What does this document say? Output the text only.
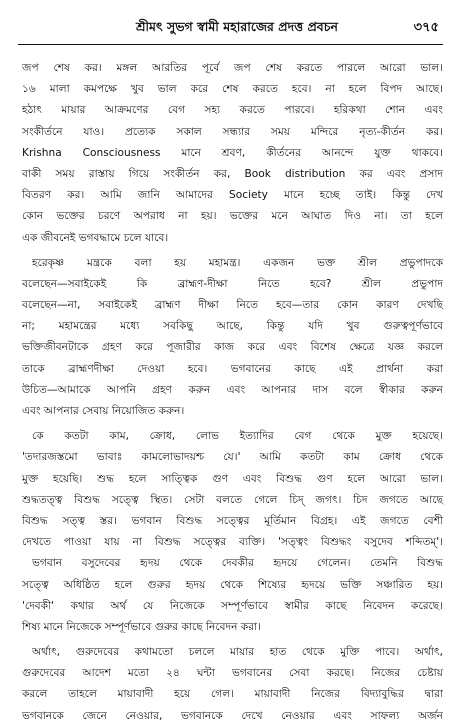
শ্রীমৎ সুভগ স্বামী মহারাজের প্রদত্ত প্রবচন	৩৭৫
জপ শেষ কর। মঙ্গল আরতির পূর্বে জপ শেষ করতে পারলে আরো ভাল।
১৬ মালা কমপক্ষে খুব ভাল করে শেষ করতে হবে। না হলে বিপদ আছে।
হঠাৎ মায়ার আক্রমণের বেগ সহ্য করতে পারবে। হরিকথা শোন এবং
সংকীর্তনে যাও। প্রত্যেক সকাল সন্ধ্যার সময় মন্দিরে নৃত্য-কীর্তন কর।
Krishna Consciousness মানে শ্রবণ, কীর্তনের আনন্দে যুক্ত থাকবে।
বাকী সময় রাস্তায় গিয়ে সংকীর্তন কর, Book distribution কর এবং প্রসাদ
বিতরণ কর। আমি জানি আমাদের Society মানে হচ্ছে তাই। কিন্তু দেখ
কোন ভক্তের চরণে অপরাধ না হয়। ভক্তের মনে আঘাত দিও না। তা হলে
এক জীবনেই ভগবদ্ধামে চলে যাবে।
হরেকৃষ্ণ মন্ত্রকে বলা হয় মহামন্ত্র। একজন ভক্ত শ্রীল প্রভুপাদকে
বলেছেন—সবাইকেই কি ব্রাহ্মণ-দীক্ষা নিতে হবে? শ্রীল প্রভুপাদ
বলেছেন—না, সবাইকেই ব্রাহ্মণ দীক্ষা নিতে হবে—তার কোন কারণ দেখছি
না; মহামন্ত্রের মধ্যে সবকিছু আছে, কিন্তু যদি খুব গুরুত্বপূর্ণভাবে
ভক্তিজীবনটাকে গ্রহণ করে পূজারীর কাজ করে এবং বিশেষ ক্ষেত্রে যজ্ঞ করলে
তাকে ব্রাহ্মণদীক্ষা দেওয়া হবে। ভগবানের কাছে এই প্রার্থনা করা
উচিত—আমাকে আপনি গ্রহণ করুন এবং আপনার দাস বলে স্বীকার করুন
এবং আপনার সেবায় নিয়োজিত করুন।
কে কতটা কাম, ক্রোধ, লোভ ইত্যাদির বেগ থেকে মুক্ত হয়েছে।
'তদারজস্তমো ভাবাঃ কামলোভাদয়শ্চ যে।' আমি কতটা কাম ক্রোধ থেকে
মুক্ত হয়েছি। শুদ্ধ হলে সাত্ত্বিক গুণ এবং বিশুদ্ধ গুণ হলে আরো ভাল।
শুদ্ধতত্ত্ব বিশুদ্ধ সত্ত্বে স্থিত। সেটা বলতে গেলে চিদ্ জগৎ। চিদ জগতে আছে
বিশুদ্ধ সত্ত্ব স্তর। ভগবান বিশুদ্ধ সত্ত্বের মূর্তিমান বিগ্রহ। এই জগতে বেশী
দেখতে পাওয়া যায় না বিশুদ্ধ সত্ত্বের ব্যক্তি। 'সত্ত্বং বিশুদ্ধং বসুদেব শব্দিতম্'।
ভগবান বসুদেবের হৃদয় থেকে দেবকীর হৃদয়ে গেলেন। তেমনি বিশুদ্ধ
সত্ত্বে অধিষ্ঠিত হলে গুরুর হৃদয় থেকে শিষ্যের হৃদয়ে ভক্তি সঞ্চারিত হয়।
'দেবকী' কথার অর্থ যে নিজেকে সম্পূর্ণভাবে স্বামীর কাছে নিবেদন করেছে।
শিষ্য মানে নিজেকে সম্পূর্ণভাবে গুরুর কাছে নিবেদন করা।
অর্থাৎ, গুরুদেবের কথামতো চললে মায়ার হাত থেকে মুক্তি পাবে। অর্থাৎ,
গুরুদেবের আদেশ মতো ২৪ ঘন্টা ভগবানের সেবা করছে। নিজের চেষ্টায়
করলে তাহলে মায়াবাদী হয়ে গেল। মায়াবাদী নিজের বিদ্যাবুদ্ধির দ্বারা
ভগবানকে জেনে নেওয়ার, ভগবানকে দেখে নেওয়ার এবং সাফল্য অর্জন
